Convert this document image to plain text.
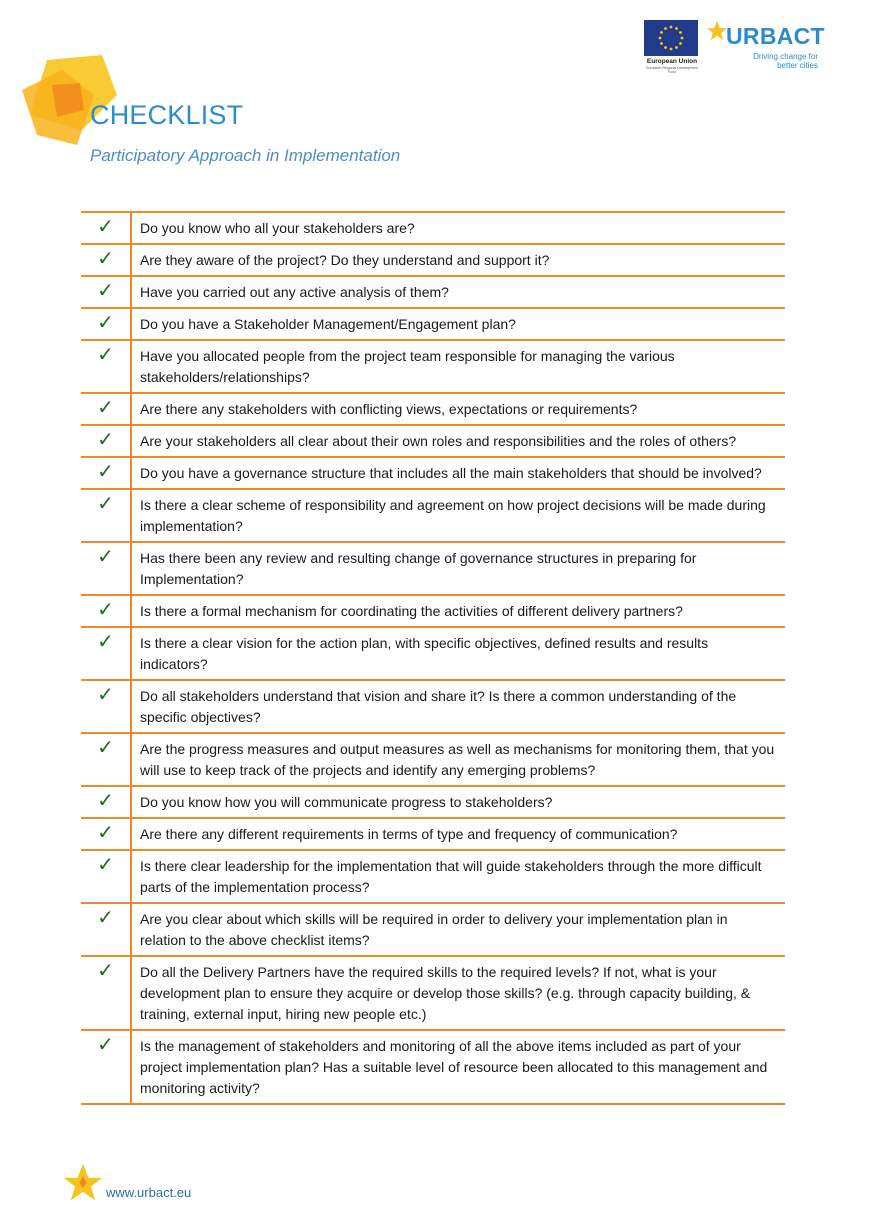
CHECKLIST
Participatory Approach in Implementation
European Union
European Regional Development Fund
URBACT
Driving change for
better cities
✓	Do you know who all your stakeholders are?
✓	Are they aware of the project? Do they understand and support it?
✓	Have you carried out any active analysis of them?
✓	Do you have a Stakeholder Management/Engagement plan?
✓	Have you allocated people from the project team responsible for managing the various stakeholders/relationships?
✓	Are there any stakeholders with conflicting views, expectations or requirements?
✓	Are your stakeholders all clear about their own roles and responsibilities and the roles of others?
✓	Do you have a governance structure that includes all the main stakeholders that should be involved?
✓	Is there a clear scheme of responsibility and agreement on how project decisions will be made during implementation?
✓	Has there been any review and resulting change of governance structures in preparing for Implementation?
✓	Is there a formal mechanism for coordinating the activities of different delivery partners?
✓	Is there a clear vision for the action plan, with specific objectives, defined results and results indicators?
✓	Do all stakeholders understand that vision and share it? Is there a common understanding of the specific objectives?
✓	Are the progress measures and output measures as well as mechanisms for monitoring them, that you will use to keep track of the projects and identify any emerging problems?
✓	Do you know how you will communicate progress to stakeholders?
✓	Are there any different requirements in terms of type and frequency of communication?
✓	Is there clear leadership for the implementation that will guide stakeholders through the more difficult parts of the implementation process?
✓	Are you clear about which skills will be required in order to delivery your implementation plan in relation to the above checklist items?
✓	Do all the Delivery Partners have the required skills to the required levels? If not, what is your development plan to ensure they acquire or develop those skills? (e.g. through capacity building, & training, external input, hiring new people etc.)
✓	Is the management of stakeholders and monitoring of all the above items included as part of your project implementation plan? Has a suitable level of resource been allocated to this management and monitoring activity?
www.urbact.eu
